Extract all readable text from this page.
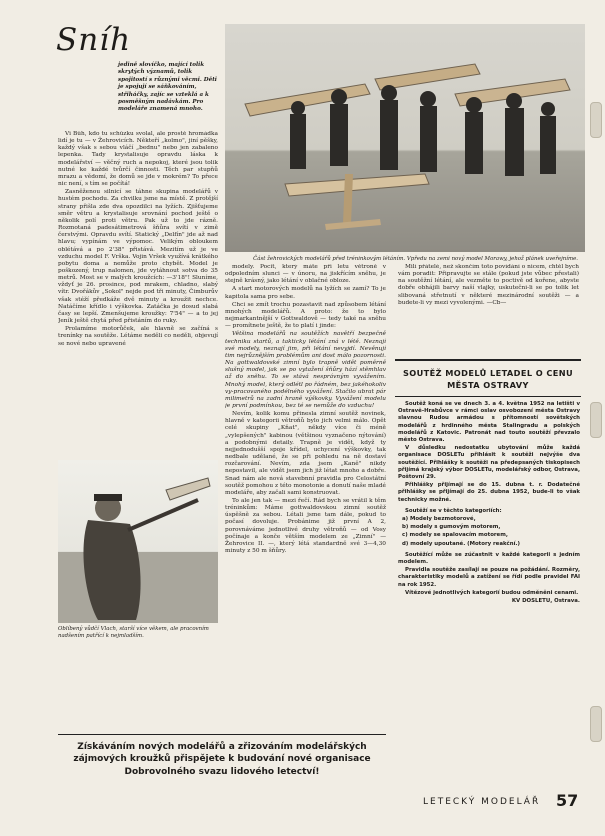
Sníh
jedině slovíčko, mající tolik skrytých významů, tolik spojitostí s různými věcmi. Děti je spojují se sáňkováním, střiháčky, zajíc se vzteklá a k posměšným nadávkám. Pro modeláře znamená mnoho.
Část žehrovických modelářů před tréninkovým létáním. Vpředu na zemi nový model Morawy, jehož plánek uveřejníme.

Vi Bůh, kdo tu schůzku svolal, ale prostě hromádka lidí je tu — v Žehrovicích. Někteří „kolmo", jiní pěšky, každý však s sebou vláčí „bednu" nebo jen zabaleno lepenka. Tady krystalisuje opravdu láska k modelářství — věčný ruch a nepokoj, které jsou tolik nutné ke každé tvůrčí činnosti. Těch par stupňů mrazu a vědomí, že domů se jde v mokrém? To přece nic není, s tím se počítá!

Zasněženou silnicí se táhne skupina modelářů v hustém pochodu. Za chvilku jsme na místě. Z protější strany přišla zde dva opozdilci na lyžích. Zjišťujeme směr větru a krystalisuje srovnání pochod ještě o několik polí proti větru. Pak už to jde rázně. Rozmotaná padesátimetrová šňůra svítí v zimě čerstvými. Opravdu svítí. Statický „Delfín" jde až nad hlavu; vypínám ve výpomoc. Velikým obloukem oblétává a po 2'38" přistává. Mezitím už je ve vzduchu model F. Vrška. Vojin Vršek využívá krátkého pobytu doma a nemůže proto chybět. Model je poškozený, trup nalomen, jde vytáhnout sotva do 35 metrů. Most se v malých kroužcích: —3'18"! Sluníme, vždyť je 26. prosince, pod mrakem, chladno, slabý vítr. Dvořákův „Sokol" nejde pod tři minuty, Čimburův však stéží předkáže dvě minuty a kroužit nechce. Natáčíme křídlo i výškovka. Zatáčka je dosud slabá časy se lepší. Zmenšujeme kroužky: 7'54" — a to jej Jeník ještě chytá před přistáním do ruky.

Prolamíme motorůček, ale hlavně se začíná s trenínky na soutěže. Létáme neděli co neděli, objevují se nové nebo upravené

Oblíbený vůdčí Vlach, starší více věkem, ale pracovním nadšením patřící k nejmladším.

modely. Pocit, který máte při letu větroně v odpoledním slunci — v únoru, na jiskřícím sněhu, je stejně krásný, jako létání v oblačné obloze.

A start motorových modelů na lyžích se zamí? To je kapitola sama pro sebe.

Chci se zmít trochu pozastavit nad způsobem létání mnohých modelářů. A proto: že to bylo nejmarkantnější v Gottwaldově — tedy také na sněhu — promítnete ještě, že to platí i jinde:

Většina modelářů na soutěžích navětří bezpečně techniku startů, a takticky létání zná v létě. Neznají své modely, neznají jim, při létání nevyjdí. Nevěnují tim nejrůznějším problémům ani dost málo pozornosti. Na gottwaldovské zimní bylo trapně vidět poměrně slušný model, jak se po vytažení šňůry hází stěmhlav až do sněhu. To se stává nesprávným vyvážením. Mnohý model, který odlétl po řádném, bez jakéhokoliv vy-pracovaného podélného vyvážení. Stačilo ubrat pár milimetrů na zadní hraně výškovky. Vyvážení modelu je první podmínkou, bez té se nemůže do vzduchu!

Nevím, kolik komu přinesla zimní soutěž novinek, hlavně v kategorii větroňů bylo jich velmi málo. Opět celé skupiny „Kňat", někdy více či méně „vylepšených" kabinou (většinou vyznačeno nýtování) a podobnými detaily. Trapně je vidět, když ty nejjednodušší spoje křídel, uchycení výškovky, tak nedbale udělané, že se při pohledu na ně dostaví rozčarování. Nevím, zda jsem „Kaně" nikdy nepostavil, ale vidět jsem jich již létat mnoho a dobře. Snad nám ale nová stavebnní pravidla pro Celostátní soutěž pomohou z této monotonie a donutí naše mladé modeláře, aby začali sami konstruovat.

To ale jen tak — mezi řečí. Rád bych se vrátil k těm tréninkům: Máme gottwaldovskou zimní soutěž úspěšně za sebou. Létali jsme tam dále, pokud to počasí dovoluje. Probánime již první A 2, porovnáváme jednotlivé druhy větroňů — od Vosy počínaje a konče větším modelem ze „Zimní" — Žehrovice II. —, který létá standardně své 3—4,30 minuty z 50 m šňůry.

Milí přátelé, než skončím toto povídání o nicem, chtěl bych vám poradit: Připravujte se stále (pokud jste vůbec přestali) na soutěžní létání, ale vezměte to poctivě od kořene, abyste dobře obhájili barvy naší vlajky, uskutečni-li se po tolik let slibovaná střetnutí v některé mezinárodní soutěži — a budete-li vy mezi vyvolenými. —Cb—

SOUTĚŽ MODELŮ LETADEL O CENU MĚSTA OSTRAVY

Soutěž koná se ve dnech 3. a 4. května 1952 na letišti v Ostravě-Hrabůvce v rámci oslav osvobození města Ostravy slavnou Rudou armádou s přítomností sovětských modelářů z hrdinného města Stalingradu a polských modelářů z Katovic. Patronát nad touto soutěží převzalo město Ostrava.

V důsledku nedostatku ubytování může každá organisace DOSLETu přihlásit k soutěži nejvýše dva soutěžící. Přihlášky k soutěži na předepsaných tiskopisech přijímá krajský výbor DOSLETu, modelářský odbor, Ostrava, Poštovní 29.

Přihlášky přijímají se do 15. dubna t. r. Dodatečné přihlášky se přijímají do 25. dubna 1952, bude-li to však technicky možné.

Soutěží se v těchto kategoriích:

a) Modely bezmotorové,

b) modely s gumovým motorem,

c) modely se spalovacím motorem,

d) modely upoutané. (Motory reakční.)

Soutěžící může se zúčastnit v každé kategorii s jedním modelem.

Pravidla soutěže zasílají se pouze na požádání. Rozměry, charakteristiky modelů a zatížení se řídí podle pravidel FAI na rok 1952.

Vítězové jednotlivých kategorií budou odměněni cenami.

KV DOSLETU, Ostrava.

Získáváním nových modelářů a zřizováním modelářských zájmových kroužků přispějete k budování nové organisace Dobrovolného svazu lidového letectví!
LETECKÝ MODELÁŘ 57
